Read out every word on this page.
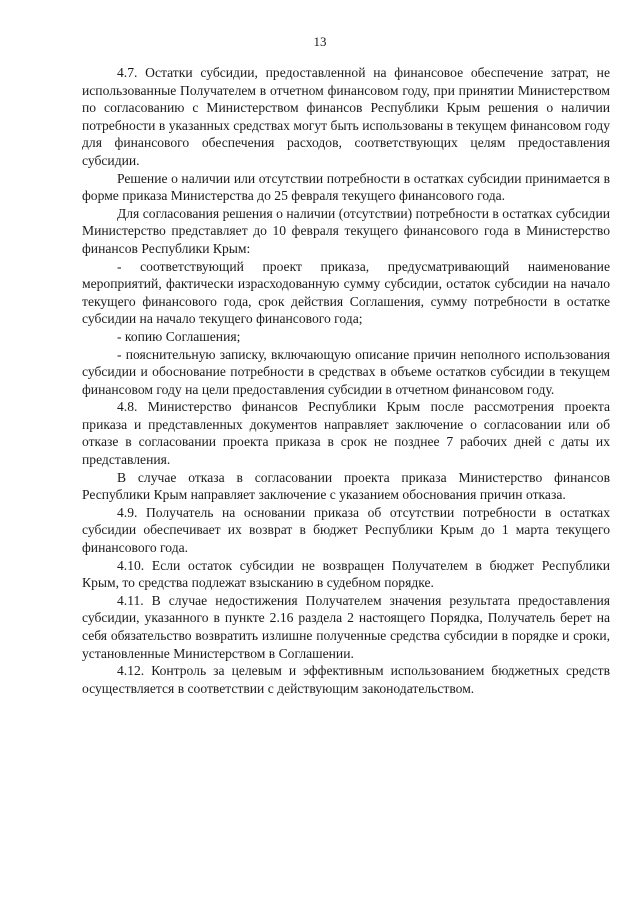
13

4.7. Остатки субсидии, предоставленной на финансовое обеспечение затрат, не использованные Получателем в отчетном финансовом году, при принятии Министерством по согласованию с Министерством финансов Республики Крым решения о наличии потребности в указанных средствах могут быть использованы в текущем финансовом году для финансового обеспечения расходов, соответствующих целям предоставления субсидии.

Решение о наличии или отсутствии потребности в остатках субсидии принимается в форме приказа Министерства до 25 февраля текущего финансового года.

Для согласования решения о наличии (отсутствии) потребности в остатках субсидии Министерство представляет до 10 февраля текущего финансового года в Министерство финансов Республики Крым:

- соответствующий проект приказа, предусматривающий наименование мероприятий, фактически израсходованную сумму субсидии, остаток субсидии на начало текущего финансового года, срок действия Соглашения, сумму потребности в остатке субсидии на начало текущего финансового года;

- копию Соглашения;

- пояснительную записку, включающую описание причин неполного использования субсидии и обоснование потребности в средствах в объеме остатков субсидии в текущем финансовом году на цели предоставления субсидии в отчетном финансовом году.

4.8. Министерство финансов Республики Крым после рассмотрения проекта приказа и представленных документов направляет заключение о согласовании или об отказе в согласовании проекта приказа в срок не позднее 7 рабочих дней с даты их представления.

В случае отказа в согласовании проекта приказа Министерство финансов Республики Крым направляет заключение с указанием обоснования причин отказа.

4.9. Получатель на основании приказа об отсутствии потребности в остатках субсидии обеспечивает их возврат в бюджет Республики Крым до 1 марта текущего финансового года.

4.10. Если остаток субсидии не возвращен Получателем в бюджет Республики Крым, то средства подлежат взысканию в судебном порядке.

4.11. В случае недостижения Получателем значения результата предоставления субсидии, указанного в пункте 2.16 раздела 2 настоящего Порядка, Получатель берет на себя обязательство возвратить излишне полученные средства субсидии в порядке и сроки, установленные Министерством в Соглашении.

4.12. Контроль за целевым и эффективным использованием бюджетных средств осуществляется в соответствии с действующим законодательством.
